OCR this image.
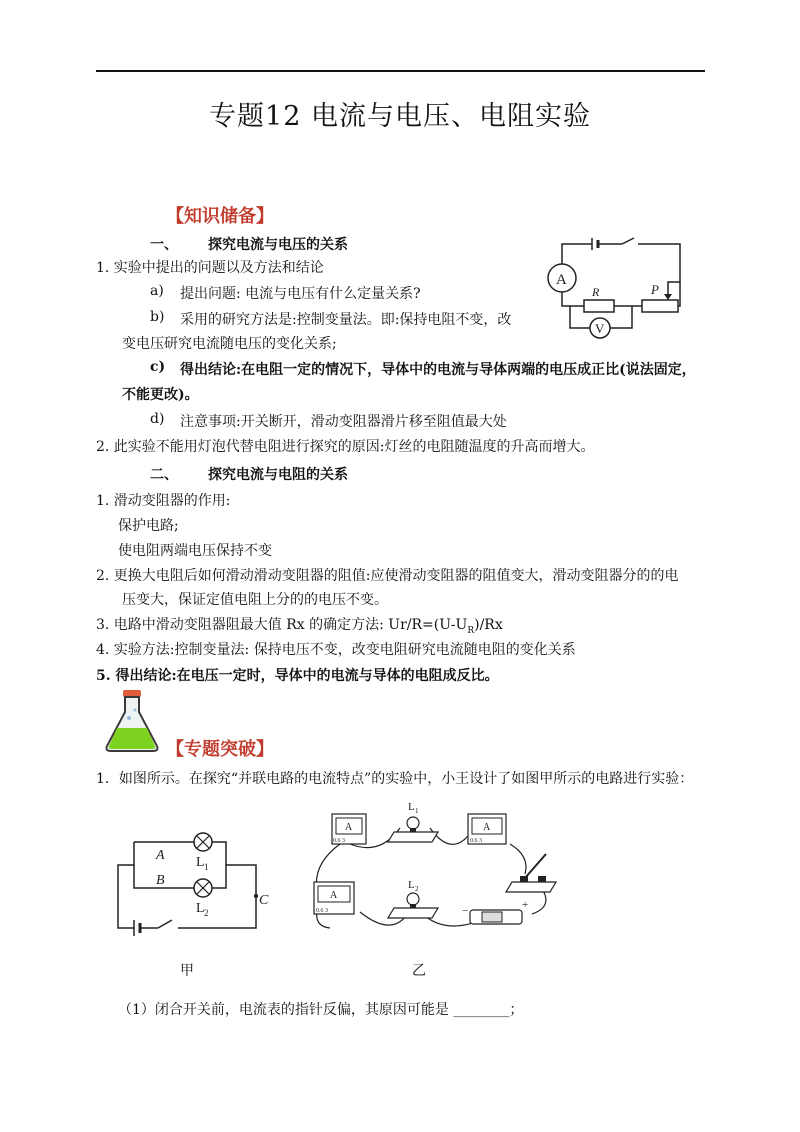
专题12 电流与电压、电阻实验
【知识储备】
一、 探究电流与电压的关系
1. 实验中提出的问题以及方法和结论
a) 提出问题: 电流与电压有什么定量关系?
b) 采用的研究方法是:控制变量法。即:保持电阻不变，改
变电压研究电流随电压的变化关系;
c) 得出结论:在电阻一定的情况下，导体中的电流与导体两端的电压成正比(说法固定，
不能更改)。
d) 注意事项:开关断开，滑动变阻器滑片移至阻值最大处
2. 此实验不能用灯泡代替电阻进行探究的原因:灯丝的电阻随温度的升高而增大。
A
V
R	P
二、 探究电流与电阻的关系
1. 滑动变阻器的作用:
保护电路;
使电阻两端电压保持不变
2. 更换大电阻后如何滑动滑动变阻器的阻值:应使滑动变阻器的阻值变大，滑动变阻器分的的电
压变大，保证定值电阻上分的的电压不变。
3. 电路中滑动变阻器阻最大值 Rx 的确定方法: $Ur/R=(U-U_R)/Rx$
4. 实验方法:控制变量法: 保持电压不变，改变电阻研究电流随电阻的变化关系
5. 得出结论:在电压一定时，导体中的电流与导体的电阻成反比。
【专题突破】
1．如图所示。在探究“并联电路的电流特点”的实验中，小王设计了如图甲所示的电路进行实验：
A
B
C
L 1
L 2
甲
A
0.6 3
L 1
A
0.6 3
A
0.6 3
L 2
−	+
乙
（1）闭合开关前，电流表的指针反偏，其原因可能是 ________；
